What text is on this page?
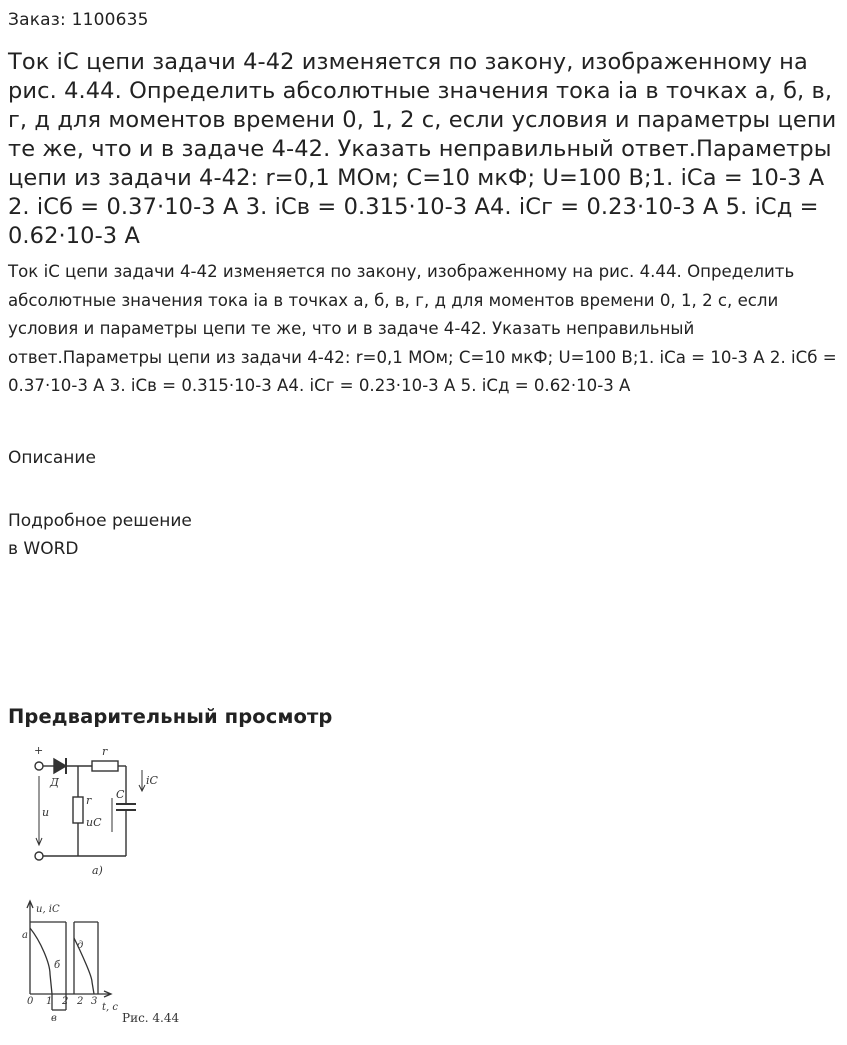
Заказ: 1100635
Ток iC цепи задачи 4-42 изменяется по закону, изображенному на рис. 4.44. Определить абсолютные значения тока ia в точках а, б, в, г, д для моментов времени 0, 1, 2 с, если условия и параметры цепи те же, что и в задаче 4-42. Указать неправильный ответ.Параметры цепи из задачи 4-42: r=0,1 МОм; C=10 мкФ; U=100 В;1. iCa = 10-3 A 2. iCб = 0.37·10-3 A 3. iCв = 0.315·10-3 A4. iCг = 0.23·10-3 A 5. iCд = 0.62·10-3 A

Ток iC цепи задачи 4-42 изменяется по закону, изображенному на рис. 4.44. Определить абсолютные значения тока ia в точках а, б, в, г, д для моментов времени 0, 1, 2 с, если условия и параметры цепи те же, что и в задаче 4-42. Указать неправильный ответ.Параметры цепи из задачи 4-42: r=0,1 МОм; C=10 мкФ; U=100 В;1. iCa = 10-3 A 2. iCб = 0.37·10-3 A 3. iCв = 0.315·10-3 A4. iCг = 0.23·10-3 A 5. iCд = 0.62·10-3 A

Описание
Подробное решение
в WORD
Предварительный просмотр
+
Д
r
iC
r C
uC
u
а)
u, iC
t, c
а
б
в
д
0 1 2 2 3
Рис. 4.44
